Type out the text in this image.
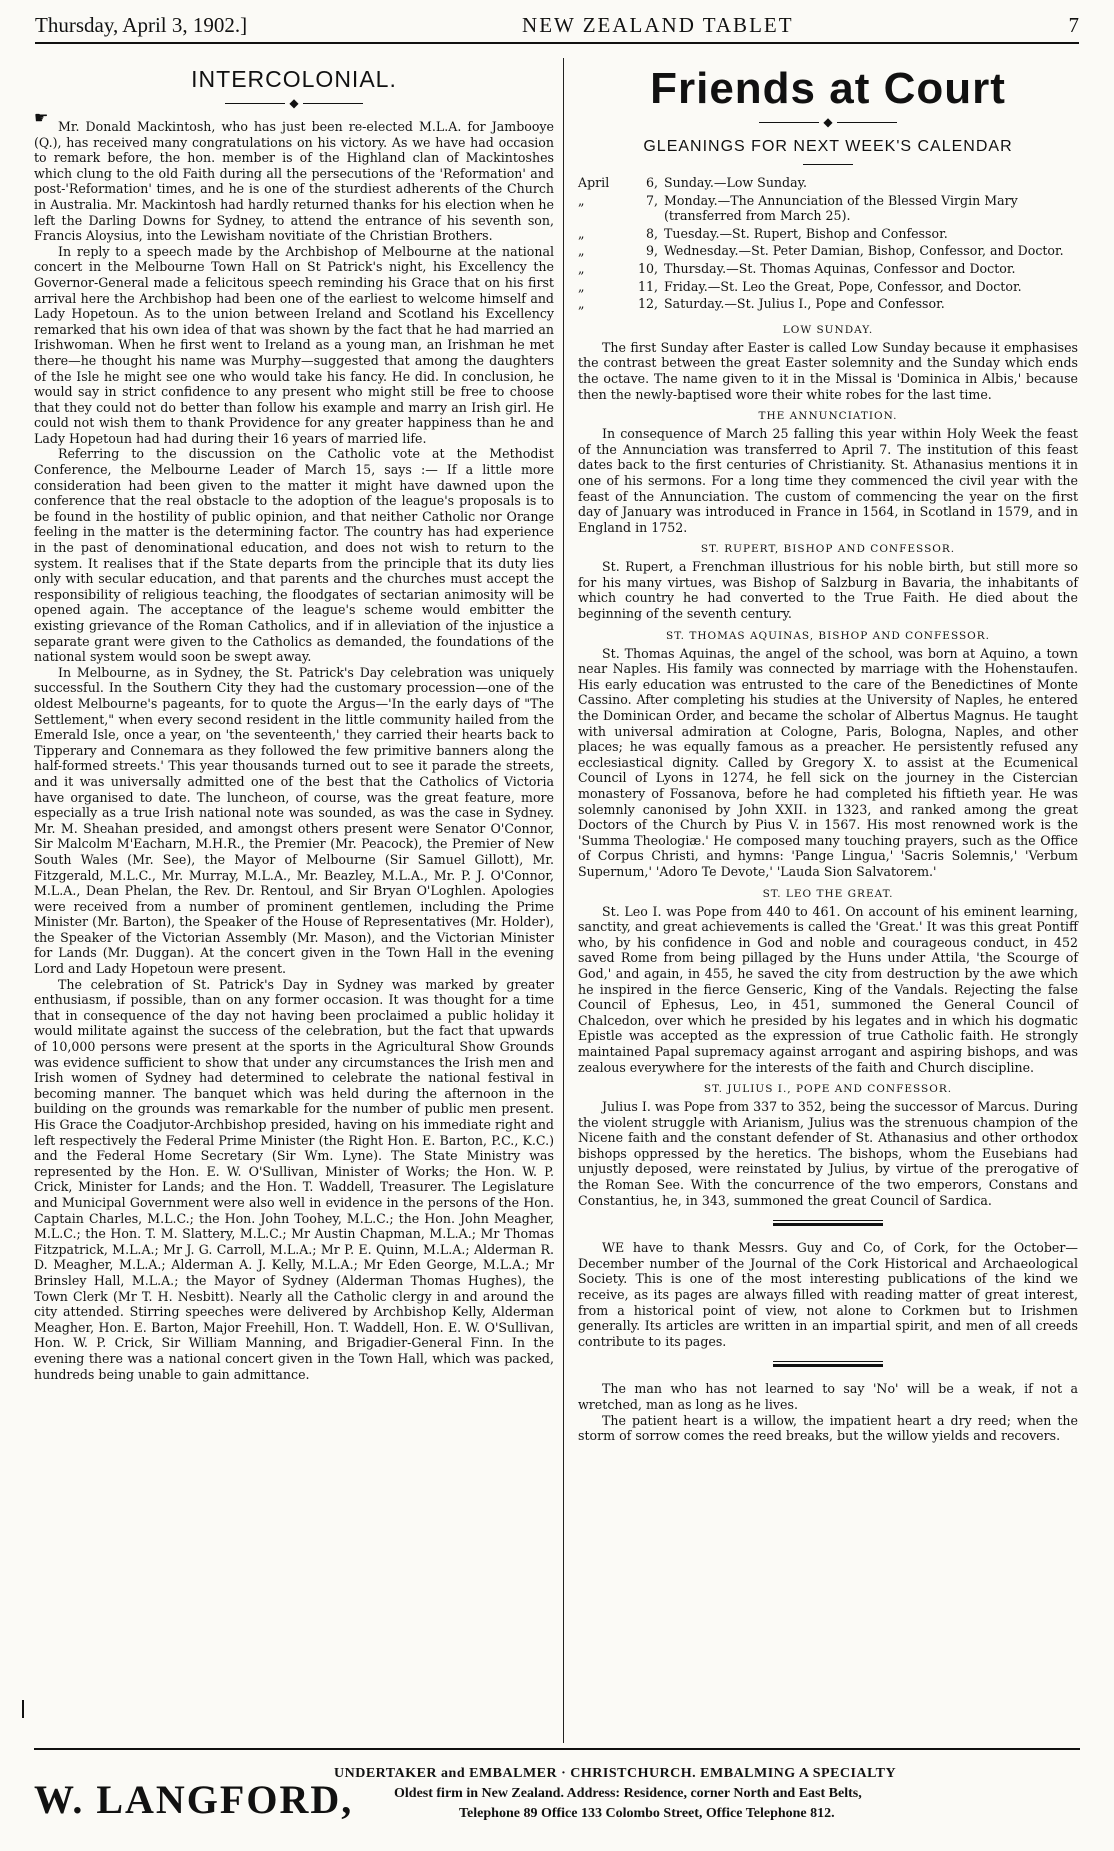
Thursday, April 3, 1902.]	NEW ZEALAND TABLET	7
INTERCOLONIAL.
◆

Mr. Donald Mackintosh, who has just been re-elected M.L.A. for Jambooye (Q.), has received many congratulations on his victory. As we have had occasion to remark before, the hon. member is of the Highland clan of Mackintoshes which clung to the old Faith during all the persecutions of the 'Reformation' and post-'Reformation' times, and he is one of the sturdiest adherents of the Church in Australia. Mr. Mackintosh had hardly returned thanks for his election when he left the Darling Downs for Sydney, to attend the entrance of his seventh son, Francis Aloysius, into the Lewisham novitiate of the Christian Brothers.

In reply to a speech made by the Archbishop of Melbourne at the national concert in the Melbourne Town Hall on St Patrick's night, his Excellency the Governor-General made a felicitous speech reminding his Grace that on his first arrival here the Archbishop had been one of the earliest to welcome himself and Lady Hopetoun. As to the union between Ireland and Scotland his Excellency remarked that his own idea of that was shown by the fact that he had married an Irishwoman. When he first went to Ireland as a young man, an Irishman he met there—he thought his name was Murphy—suggested that among the daughters of the Isle he might see one who would take his fancy. He did. In conclusion, he would say in strict confidence to any present who might still be free to choose that they could not do better than follow his example and marry an Irish girl. He could not wish them to thank Providence for any greater happiness than he and Lady Hopetoun had had during their 16 years of married life.

Referring to the discussion on the Catholic vote at the Methodist Conference, the Melbourne Leader of March 15, says :— If a little more consideration had been given to the matter it might have dawned upon the conference that the real obstacle to the adoption of the league's proposals is to be found in the hostility of public opinion, and that neither Catholic nor Orange feeling in the matter is the determining factor. The country has had experience in the past of denominational education, and does not wish to return to the system. It realises that if the State departs from the principle that its duty lies only with secular education, and that parents and the churches must accept the responsibility of religious teaching, the floodgates of sectarian animosity will be opened again. The acceptance of the league's scheme would embitter the existing grievance of the Roman Catholics, and if in alleviation of the injustice a separate grant were given to the Catholics as demanded, the foundations of the national system would soon be swept away.

In Melbourne, as in Sydney, the St. Patrick's Day celebration was uniquely successful. In the Southern City they had the customary procession—one of the oldest Melbourne's pageants, for to quote the Argus—'In the early days of "The Settlement," when every second resident in the little community hailed from the Emerald Isle, once a year, on 'the seventeenth,' they carried their hearts back to Tipperary and Connemara as they followed the few primitive banners along the half-formed streets.' This year thousands turned out to see it parade the streets, and it was universally admitted one of the best that the Catholics of Victoria have organised to date. The luncheon, of course, was the great feature, more especially as a true Irish national note was sounded, as was the case in Sydney. Mr. M. Sheahan presided, and amongst others present were Senator O'Connor, Sir Malcolm M'Eacharn, M.H.R., the Premier (Mr. Peacock), the Premier of New South Wales (Mr. See), the Mayor of Melbourne (Sir Samuel Gillott), Mr. Fitzgerald, M.L.C., Mr. Murray, M.L.A., Mr. Beazley, M.L.A., Mr. P. J. O'Connor, M.L.A., Dean Phelan, the Rev. Dr. Rentoul, and Sir Bryan O'Loghlen. Apologies were received from a number of prominent gentlemen, including the Prime Minister (Mr. Barton), the Speaker of the House of Representatives (Mr. Holder), the Speaker of the Victorian Assembly (Mr. Mason), and the Victorian Minister for Lands (Mr. Duggan). At the concert given in the Town Hall in the evening Lord and Lady Hopetoun were present.

The celebration of St. Patrick's Day in Sydney was marked by greater enthusiasm, if possible, than on any former occasion. It was thought for a time that in consequence of the day not having been proclaimed a public holiday it would militate against the success of the celebration, but the fact that upwards of 10,000 persons were present at the sports in the Agricultural Show Grounds was evidence sufficient to show that under any circumstances the Irish men and Irish women of Sydney had determined to celebrate the national festival in becoming manner. The banquet which was held during the afternoon in the building on the grounds was remarkable for the number of public men present. His Grace the Coadjutor-Archbishop presided, having on his immediate right and left respectively the Federal Prime Minister (the Right Hon. E. Barton, P.C., K.C.) and the Federal Home Secretary (Sir Wm. Lyne). The State Ministry was represented by the Hon. E. W. O'Sullivan, Minister of Works; the Hon. W. P. Crick, Minister for Lands; and the Hon. T. Waddell, Treasurer. The Legislature and Municipal Government were also well in evidence in the persons of the Hon. Captain Charles, M.L.C.; the Hon. John Toohey, M.L.C.; the Hon. John Meagher, M.L.C.; the Hon. T. M. Slattery, M.L.C.; Mr Austin Chapman, M.L.A.; Mr Thomas Fitzpatrick, M.L.A.; Mr J. G. Carroll, M.L.A.; Mr P. E. Quinn, M.L.A.; Alderman R. D. Meagher, M.L.A.; Alderman A. J. Kelly, M.L.A.; Mr Eden George, M.L.A.; Mr Brinsley Hall, M.L.A.; the Mayor of Sydney (Alderman Thomas Hughes), the Town Clerk (Mr T. H. Nesbitt). Nearly all the Catholic clergy in and around the city attended. Stirring speeches were delivered by Archbishop Kelly, Alderman Meagher, Hon. E. Barton, Major Freehill, Hon. T. Waddell, Hon. E. W. O'Sullivan, Hon. W. P. Crick, Sir William Manning, and Brigadier-General Finn. In the evening there was a national concert given in the Town Hall, which was packed, hundreds being unable to gain admittance.

Friends at Court
◆
GLEANINGS FOR NEXT WEEK'S CALENDAR
April	6,	Sunday.—Low Sunday.
„	7,	Monday.—The Annunciation of the Blessed Virgin Mary (transferred from March 25).
„	8,	Tuesday.—St. Rupert, Bishop and Confessor.
„	9,	Wednesday.—St. Peter Damian, Bishop, Confessor, and Doctor.
„	10,	Thursday.—St. Thomas Aquinas, Confessor and Doctor.
„	11,	Friday.—St. Leo the Great, Pope, Confessor, and Doctor.
„	12,	Saturday.—St. Julius I., Pope and Confessor.
LOW SUNDAY.

The first Sunday after Easter is called Low Sunday because it emphasises the contrast between the great Easter solemnity and the Sunday which ends the octave. The name given to it in the Missal is 'Dominica in Albis,' because then the newly-baptised wore their white robes for the last time.

THE ANNUNCIATION.

In consequence of March 25 falling this year within Holy Week the feast of the Annunciation was transferred to April 7. The institution of this feast dates back to the first centuries of Christianity. St. Athanasius mentions it in one of his sermons. For a long time they commenced the civil year with the feast of the Annunciation. The custom of commencing the year on the first day of January was introduced in France in 1564, in Scotland in 1579, and in England in 1752.

ST. RUPERT, BISHOP AND CONFESSOR.

St. Rupert, a Frenchman illustrious for his noble birth, but still more so for his many virtues, was Bishop of Salzburg in Bavaria, the inhabitants of which country he had converted to the True Faith. He died about the beginning of the seventh century.

ST. THOMAS AQUINAS, BISHOP AND CONFESSOR.

St. Thomas Aquinas, the angel of the school, was born at Aquino, a town near Naples. His family was connected by marriage with the Hohenstaufen. His early education was entrusted to the care of the Benedictines of Monte Cassino. After completing his studies at the University of Naples, he entered the Dominican Order, and became the scholar of Albertus Magnus. He taught with universal admiration at Cologne, Paris, Bologna, Naples, and other places; he was equally famous as a preacher. He persistently refused any ecclesiastical dignity. Called by Gregory X. to assist at the Ecumenical Council of Lyons in 1274, he fell sick on the journey in the Cistercian monastery of Fossanova, before he had completed his fiftieth year. He was solemnly canonised by John XXII. in 1323, and ranked among the great Doctors of the Church by Pius V. in 1567. His most renowned work is the 'Summa Theologiæ.' He composed many touching prayers, such as the Office of Corpus Christi, and hymns: 'Pange Lingua,' 'Sacris Solemnis,' 'Verbum Supernum,' 'Adoro Te Devote,' 'Lauda Sion Salvatorem.'

ST. LEO THE GREAT.

St. Leo I. was Pope from 440 to 461. On account of his eminent learning, sanctity, and great achievements is called the 'Great.' It was this great Pontiff who, by his confidence in God and noble and courageous conduct, in 452 saved Rome from being pillaged by the Huns under Attila, 'the Scourge of God,' and again, in 455, he saved the city from destruction by the awe which he inspired in the fierce Genseric, King of the Vandals. Rejecting the false Council of Ephesus, Leo, in 451, summoned the General Council of Chalcedon, over which he presided by his legates and in which his dogmatic Epistle was accepted as the expression of true Catholic faith. He strongly maintained Papal supremacy against arrogant and aspiring bishops, and was zealous everywhere for the interests of the faith and Church discipline.

ST. JULIUS I., POPE AND CONFESSOR.

Julius I. was Pope from 337 to 352, being the successor of Marcus. During the violent struggle with Arianism, Julius was the strenuous champion of the Nicene faith and the constant defender of St. Athanasius and other orthodox bishops oppressed by the heretics. The bishops, whom the Eusebians had unjustly deposed, were reinstated by Julius, by virtue of the prerogative of the Roman See. With the concurrence of the two emperors, Constans and Constantius, he, in 343, summoned the great Council of Sardica.

WE have to thank Messrs. Guy and Co, of Cork, for the October—December number of the Journal of the Cork Historical and Archaeological Society. This is one of the most interesting publications of the kind we receive, as its pages are always filled with reading matter of great interest, from a historical point of view, not alone to Corkmen but to Irishmen generally. Its articles are written in an impartial spirit, and men of all creeds contribute to its pages.

The man who has not learned to say 'No' will be a weak, if not a wretched, man as long as he lives.

The patient heart is a willow, the impatient heart a dry reed; when the storm of sorrow comes the reed breaks, but the willow yields and recovers.

W. LANGFORD,
UNDERTAKER and EMBALMER · CHRISTCHURCH. EMBALMING A SPECIALTY
Oldest firm in New Zealand. Address: Residence, corner North and East Belts,
Telephone 89 Office 133 Colombo Street, Office Telephone 812.
☛
